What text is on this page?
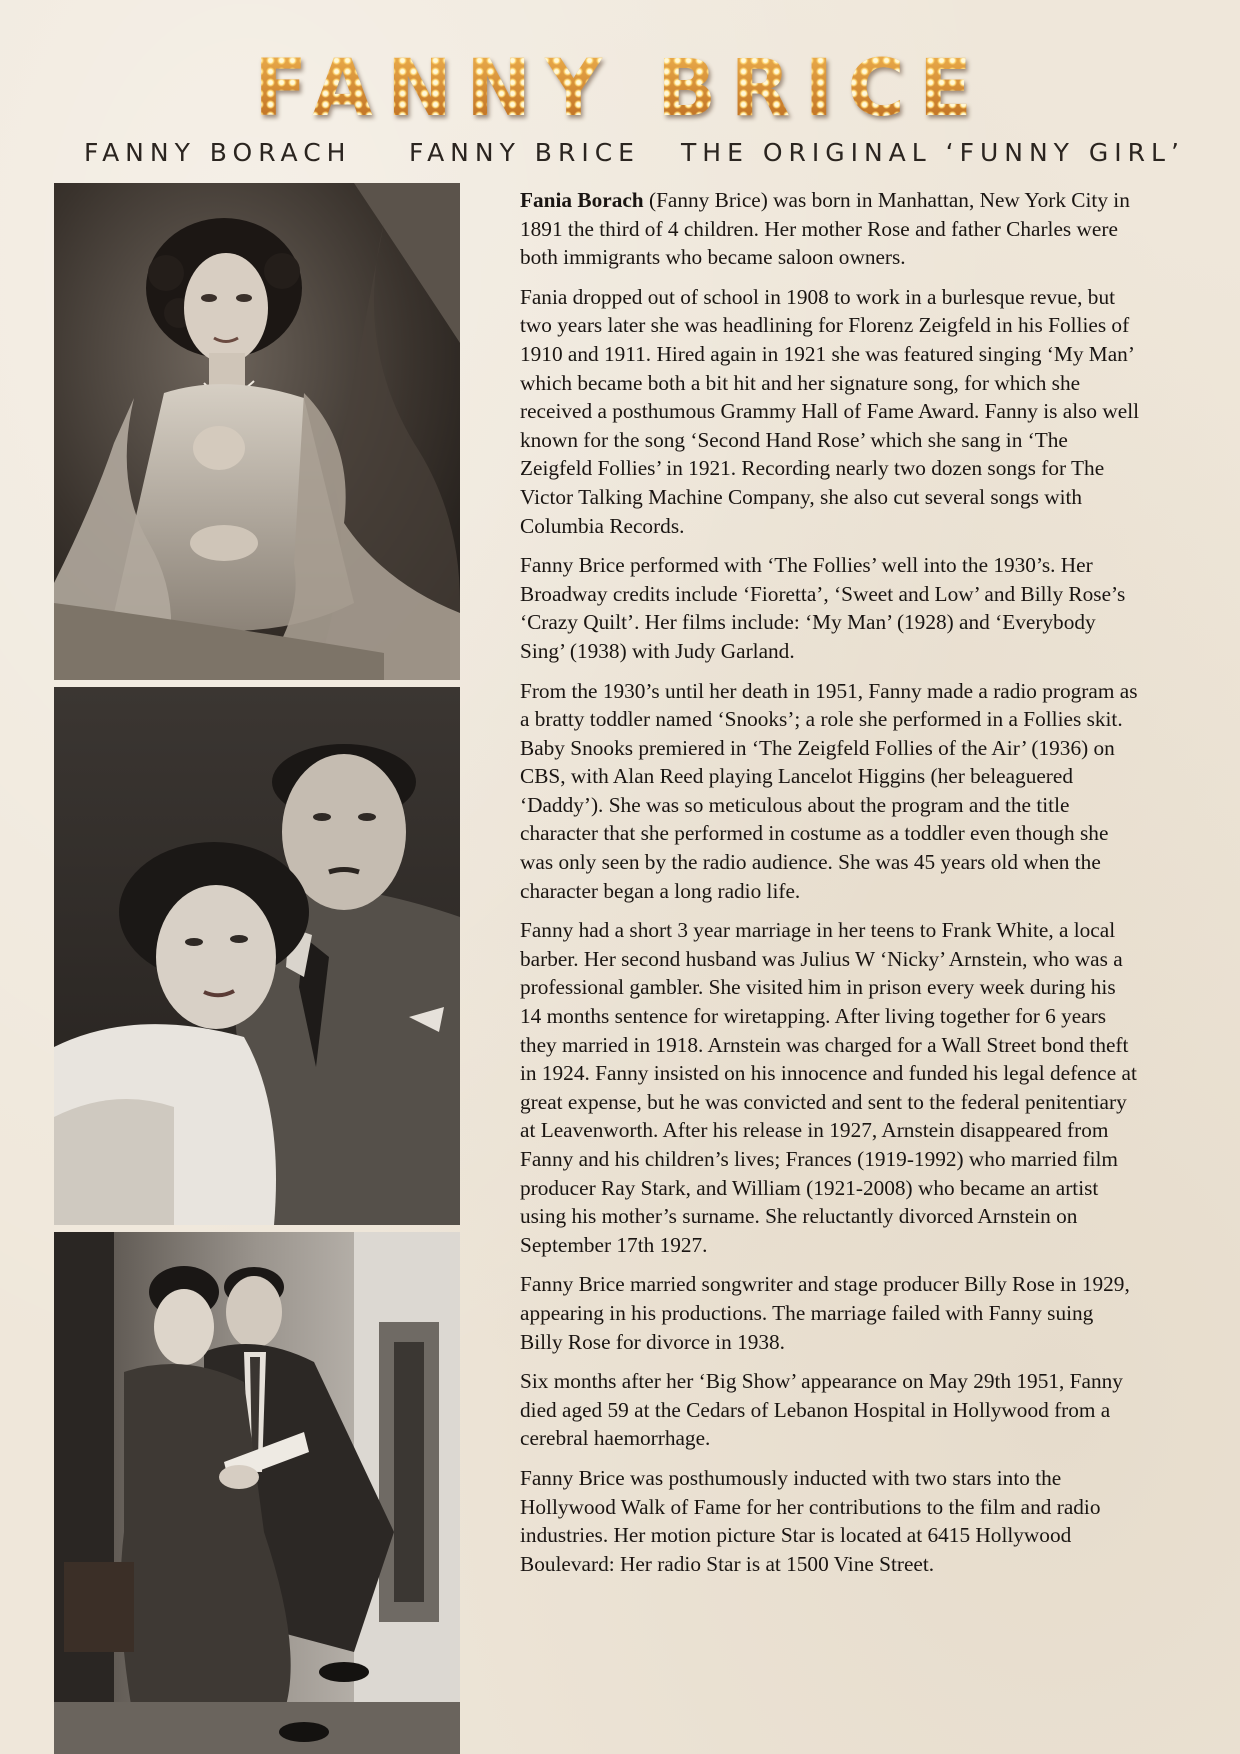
FANNY BRICE
FANNY BORACH FANNY BRICE THE ORIGINAL ‘FUNNY GIRL’

Fania Borach (Fanny Brice) was born in Manhattan, New York City in 1891 the third of 4 children. Her mother Rose and father Charles were both immigrants who became saloon owners.

Fania dropped out of school in 1908 to work in a burlesque revue, but two years later she was headlining for Florenz Zeigfeld in his Follies of 1910 and 1911. Hired again in 1921 she was featured singing ‘My Man’ which became both a bit hit and her signature song, for which she received a posthumous Grammy Hall of Fame Award. Fanny is also well known for the song ‘Second Hand Rose’ which she sang in ‘The Zeigfeld Follies’ in 1921. Recording nearly two dozen songs for The Victor Talking Machine Company, she also cut several songs with Columbia Records.

Fanny Brice performed with ‘The Follies’ well into the 1930’s. Her Broadway credits include ‘Fioretta’, ‘Sweet and Low’ and Billy Rose’s ‘Crazy Quilt’. Her films include: ‘My Man’ (1928) and ‘Everybody Sing’ (1938) with Judy Garland.

From the 1930’s until her death in 1951, Fanny made a radio program as a bratty toddler named ‘Snooks’; a role she performed in a Follies skit. Baby Snooks premiered in ‘The Zeigfeld Follies of the Air’ (1936) on CBS, with Alan Reed playing Lancelot Higgins (her beleaguered ‘Daddy’). She was so meticulous about the program and the title character that she performed in costume as a toddler even though she was only seen by the radio audience. She was 45 years old when the character began a long radio life.

Fanny had a short 3 year marriage in her teens to Frank White, a local barber. Her second husband was Julius W ‘Nicky’ Arnstein, who was a professional gambler. She visited him in prison every week during his 14 months sentence for wiretapping. After living together for 6 years they married in 1918. Arnstein was charged for a Wall Street bond theft in 1924. Fanny insisted on his innocence and funded his legal defence at great expense, but he was convicted and sent to the federal penitentiary at Leavenworth. After his release in 1927, Arnstein disappeared from Fanny and his children’s lives; Frances (1919-1992) who married film producer Ray Stark, and William (1921-2008) who became an artist using his mother’s surname. She reluctantly divorced Arnstein on September 17th 1927.

Fanny Brice married songwriter and stage producer Billy Rose in 1929, appearing in his productions. The marriage failed with Fanny suing Billy Rose for divorce in 1938.

Six months after her ‘Big Show’ appearance on May 29th 1951, Fanny died aged 59 at the Cedars of Lebanon Hospital in Hollywood from a cerebral haemorrhage.

Fanny Brice was posthumously inducted with two stars into the Hollywood Walk of Fame for her contributions to the film and radio industries. Her motion picture Star is located at 6415 Hollywood Boulevard: Her radio Star is at 1500 Vine Street.
